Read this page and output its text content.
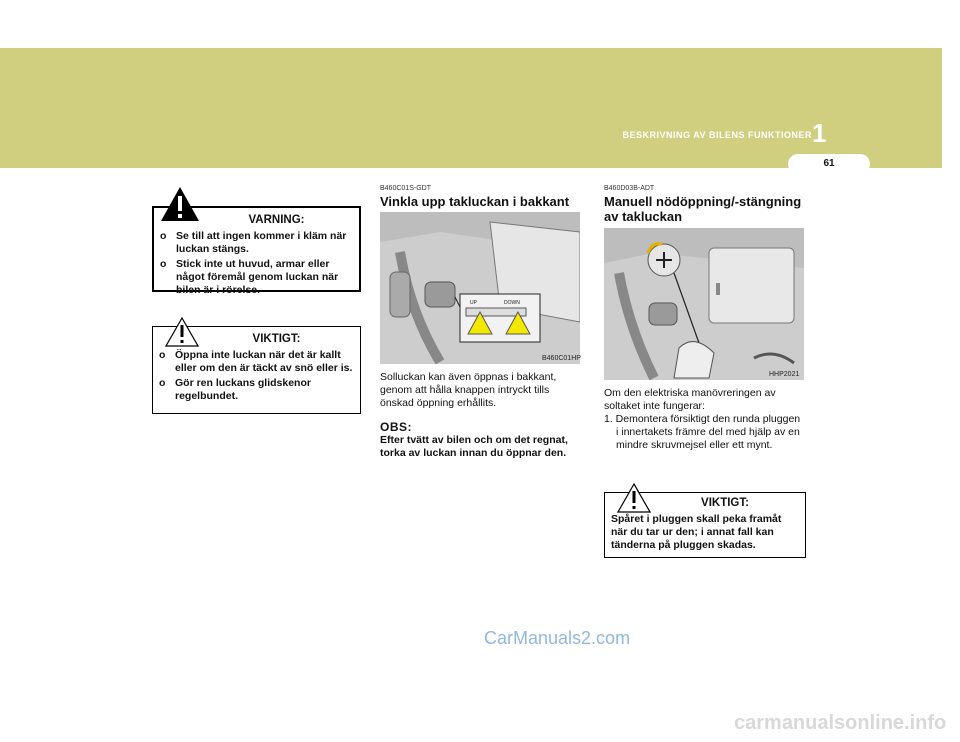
BESKRIVNING AV BILENS FUNKTIONER 1
61
VARNING:
o Se till att ingen kommer i kläm när luckan stängs.
o Stick inte ut huvud, armar eller något föremål genom luckan när bilen är i rörelse.
VIKTIGT:
o Öppna inte luckan när det är kallt eller om den är täckt av snö eller is.
o Gör ren luckans glidskenor regelbundet.
B460C01S-GDT
Vinkla upp takluckan i bakkant
UP	DOWN
B460C01HP
Solluckan kan även öppnas i bakkant, genom att hålla knappen intryckt tills önskad öppning erhållits.
OBS:
Efter tvätt av bilen och om det regnat, torka av luckan innan du öppnar den.
B460D03B-ADT
Manuell nödöppning/-stängning av takluckan
HHP2021
Om den elektriska manövreringen av soltaket inte fungerar:
1. Demontera försiktigt den runda pluggen i innertakets främre del med hjälp av en mindre skruvmejsel eller ett mynt.
VIKTIGT:
Spåret i pluggen skall peka framåt när du tar ur den; i annat fall kan tänderna på pluggen skadas.
CarManuals2.com
carmanualsonline.info
